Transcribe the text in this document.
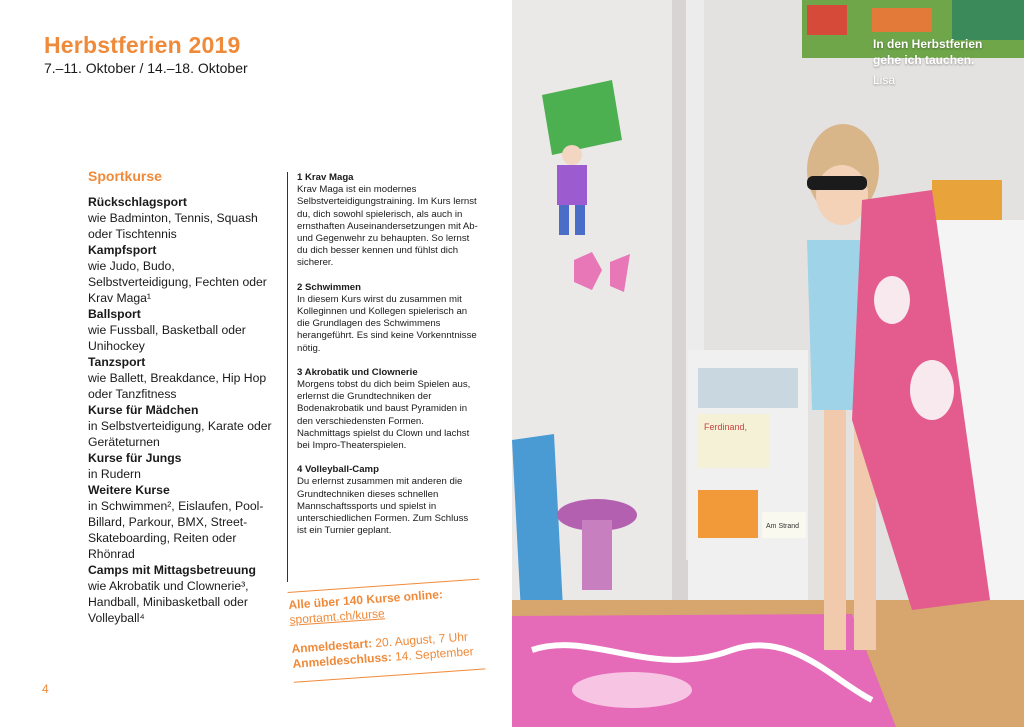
Herbstferien 2019
7.–11. Oktober / 14.–18. Oktober
Sportkurse
Rückschlagsport
wie Badminton, Tennis, Squash oder Tischtennis
Kampfsport
wie Judo, Budo, Selbstverteidigung, Fechten oder Krav Maga¹
Ballsport
wie Fussball, Basketball oder Unihockey
Tanzsport
wie Ballett, Breakdance, Hip Hop oder Tanzfitness
Kurse für Mädchen
in Selbstverteidigung, Karate oder Geräteturnen
Kurse für Jungs
in Rudern
Weitere Kurse
in Schwimmen², Eislaufen, Pool-Billard, Parkour, BMX, Street-Skateboarding, Reiten oder Rhönrad
Camps mit Mittagsbetreuung
wie Akrobatik und Clownerie³, Handball, Minibasketball oder Volleyball⁴
1 Krav Maga
Krav Maga ist ein modernes Selbstverteidigungstraining. Im Kurs lernst du, dich sowohl spielerisch, als auch in ernsthaften Auseinandersetzungen mit Ab- und Gegenwehr zu behaupten. So lernst du dich besser kennen und fühlst dich sicherer.
2 Schwimmen
In diesem Kurs wirst du zusammen mit Kolleginnen und Kollegen spielerisch an die Grundlagen des Schwimmens herangeführt. Es sind keine Vorkenntnisse nötig.
3 Akrobatik und Clownerie
Morgens tobst du dich beim Spielen aus, erlernst die Grundtechniken der Bodenakrobatik und baust Pyramiden in den verschiedensten Formen. Nachmittags spielst du Clown und lachst bei Impro-Theaterspielen.
4 Volleyball-Camp
Du erlernst zusammen mit anderen die Grundtechniken dieses schnellen Mannschaftssports und spielst in unterschiedlichen Formen. Zum Schluss ist ein Turnier geplant.
Alle über 140 Kurse online:
sportamt.ch/kurse
Anmeldestart: 20. August, 7 Uhr
Anmeldeschluss: 14. September
4
Ferdinand,
Am Strand
In den Herbstferien gehe ich tauchen.
Lisa
